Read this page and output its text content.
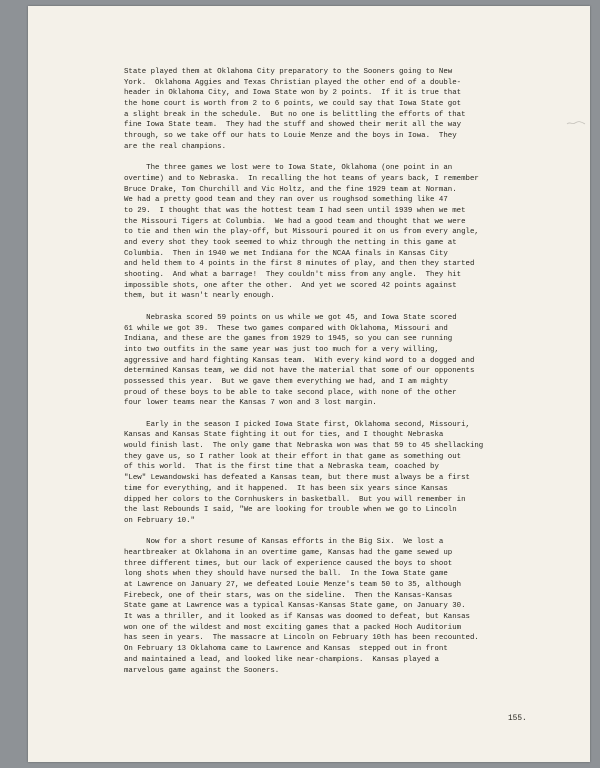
State played them at Oklahoma City preparatory to the Sooners going to New
York.  Oklahoma Aggies and Texas Christian played the other end of a double-
header in Oklahoma City, and Iowa State won by 2 points.  If it is true that
the home court is worth from 2 to 6 points, we could say that Iowa State got
a slight break in the schedule.  But no one is belittling the efforts of that
fine Iowa State team.  They had the stuff and showed their merit all the way
through, so we take off our hats to Louie Menze and the boys in Iowa.  They
are the real champions.
The three games we lost were to Iowa State, Oklahoma (one point in an
overtime) and to Nebraska.  In recalling the hot teams of years back, I remember
Bruce Drake, Tom Churchill and Vic Holtz, and the fine 1929 team at Norman.
We had a pretty good team and they ran over us roughsod something like 47
to 29.  I thought that was the hottest team I had seen until 1939 when we met
the Missouri Tigers at Columbia.  We had a good team and thought that we were
to tie and then win the play-off, but Missouri poured it on us from every angle,
and every shot they took seemed to whiz through the netting in this game at
Columbia.  Then in 1940 we met Indiana for the NCAA finals in Kansas City
and held them to 4 points in the first 8 minutes of play, and then they started
shooting.  And what a barrage!  They couldn't miss from any angle.  They hit
impossible shots, one after the other.  And yet we scored 42 points against
them, but it wasn't nearly enough.
Nebraska scored 59 points on us while we got 45, and Iowa State scored
61 while we got 39.  These two games compared with Oklahoma, Missouri and
Indiana, and these are the games from 1929 to 1945, so you can see running
into two outfits in the same year was just too much for a very willing,
aggressive and hard fighting Kansas team.  With every kind word to a dogged and
determined Kansas team, we did not have the material that some of our opponents
possessed this year.  But we gave them everything we had, and I am mighty
proud of these boys to be able to take second place, with none of the other
four lower teams near the Kansas 7 won and 3 lost margin.
Early in the season I picked Iowa State first, Oklahoma second, Missouri,
Kansas and Kansas State fighting it out for ties, and I thought Nebraska
would finish last.  The only game that Nebraska won was that 59 to 45 shellacking
they gave us, so I rather look at their effort in that game as something out
of this world.  That is the first time that a Nebraska team, coached by
"Lew" Lewandowski has defeated a Kansas team, but there must always be a first
time for everything, and it happened.  It has been six years since Kansas
dipped her colors to the Cornhuskers in basketball.  But you will remember in
the last Rebounds I said, "We are looking for trouble when we go to Lincoln
on February 10."
Now for a short resume of Kansas efforts in the Big Six.  We lost a
heartbreaker at Oklahoma in an overtime game, Kansas had the game sewed up
three different times, but our lack of experience caused the boys to shoot
long shots when they should have nursed the ball.  In the Iowa State game
at Lawrence on January 27, we defeated Louie Menze's team 50 to 35, although
Firebeck, one of their stars, was on the sideline.  Then the Kansas-Kansas
State game at Lawrence was a typical Kansas-Kansas State game, on January 30.
It was a thriller, and it looked as if Kansas was doomed to defeat, but Kansas
won one of the wildest and most exciting games that a packed Hoch Auditorium
has seen in years.  The massacre at Lincoln on February 10th has been recounted.
On February 13 Oklahoma came to Lawrence and Kansas  stepped out in front
and maintained a lead, and looked like near-champions.  Kansas played a
marvelous game against the Sooners.
155.
